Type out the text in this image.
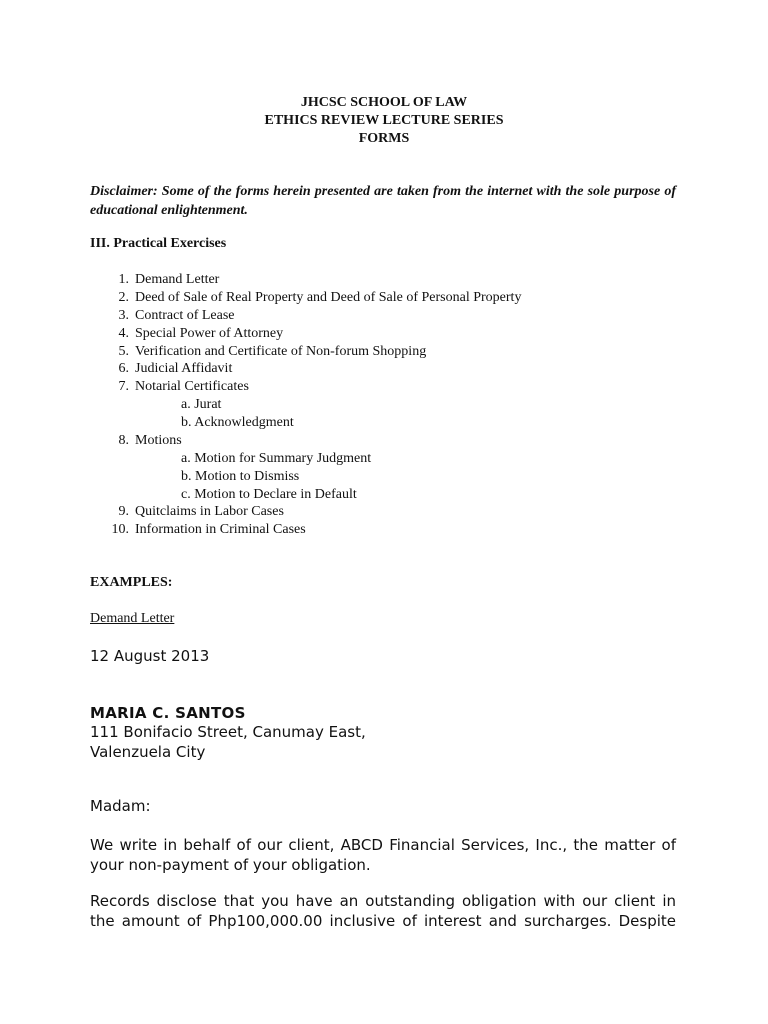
JHCSC SCHOOL OF LAW
ETHICS REVIEW LECTURE SERIES
FORMS
Disclaimer: Some of the forms herein presented are taken from the internet with the sole purpose of educational enlightenment.
III. Practical Exercises
1. Demand Letter
2. Deed of Sale of Real Property and Deed of Sale of Personal Property
3. Contract of Lease
4. Special Power of Attorney
5. Verification and Certificate of Non-forum Shopping
6. Judicial Affidavit
7. Notarial Certificates
a. Jurat
b. Acknowledgment
8. Motions
a. Motion for Summary Judgment
b. Motion to Dismiss
c. Motion to Declare in Default
9. Quitclaims in Labor Cases
10. Information in Criminal Cases
EXAMPLES:
Demand Letter
12 August 2013
MARIA C. SANTOS
111 Bonifacio Street, Canumay East,
Valenzuela City
Madam:
We write in behalf of our client, ABCD Financial Services, Inc., the matter of your non-payment of your obligation.
Records disclose that you have an outstanding obligation with our client in the amount of Php100,000.00 inclusive of interest and surcharges. Despite
